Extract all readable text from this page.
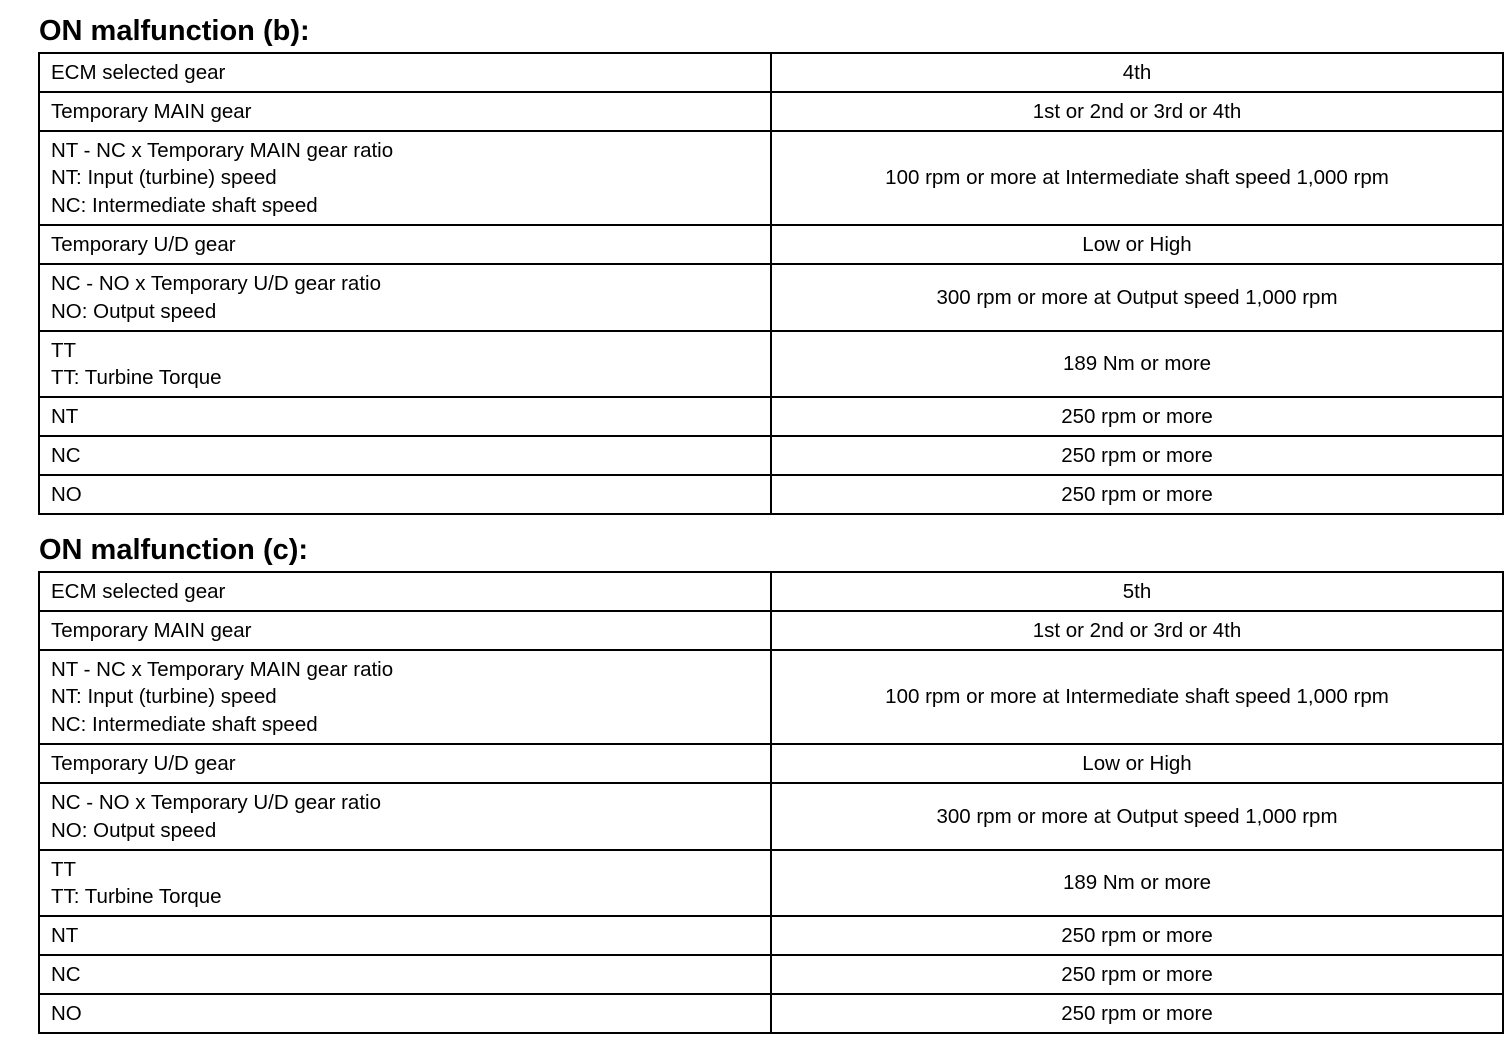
ON malfunction (b):
ECM selected gear	4th

Temporary MAIN gear	1st or 2nd or 3rd or 4th

NT - NC x Temporary MAIN gear ratio
NT: Input (turbine) speed
NC: Intermediate shaft speed	100 rpm or more at Intermediate shaft speed 1,000 rpm

Temporary U/D gear	Low or High

NC - NO x Temporary U/D gear ratio
NO: Output speed	300 rpm or more at Output speed 1,000 rpm

TT
TT: Turbine Torque	189 Nm or more

NT	250 rpm or more

NC	250 rpm or more

NO	250 rpm or more
ON malfunction (c):
ECM selected gear	5th

Temporary MAIN gear	1st or 2nd or 3rd or 4th

NT - NC x Temporary MAIN gear ratio
NT: Input (turbine) speed
NC: Intermediate shaft speed	100 rpm or more at Intermediate shaft speed 1,000 rpm

Temporary U/D gear	Low or High

NC - NO x Temporary U/D gear ratio
NO: Output speed	300 rpm or more at Output speed 1,000 rpm

TT
TT: Turbine Torque	189 Nm or more

NT	250 rpm or more

NC	250 rpm or more

NO	250 rpm or more
